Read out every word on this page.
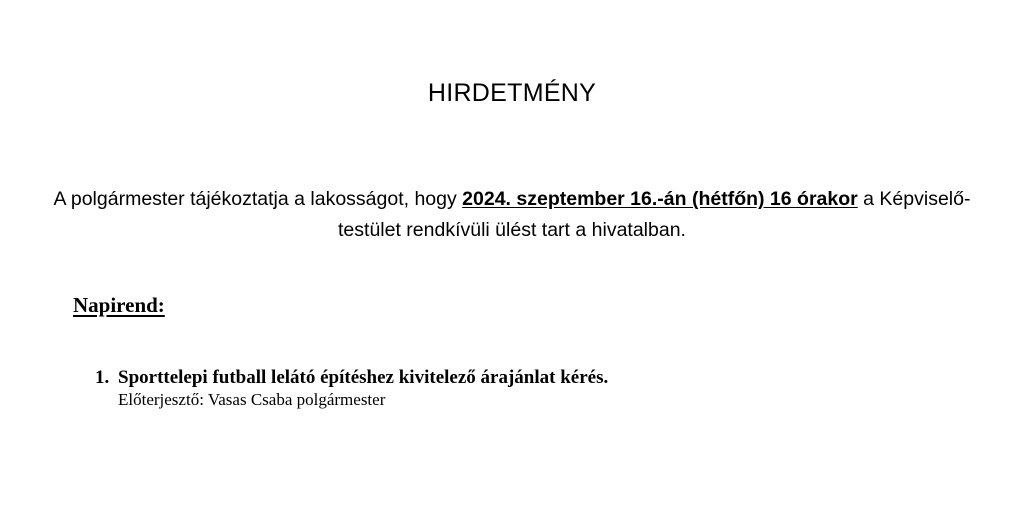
HIRDETMÉNY
A polgármester tájékoztatja a lakosságot, hogy 2024. szeptember 16.-án (hétfőn) 16 órakor a Képviselő-testület rendkívüli ülést tart a hivatalban.
Napirend:
1. Sporttelepi futball lelátó építéshez kivitelező árajánlat kérés.
Előterjesztő: Vasas Csaba polgármester
